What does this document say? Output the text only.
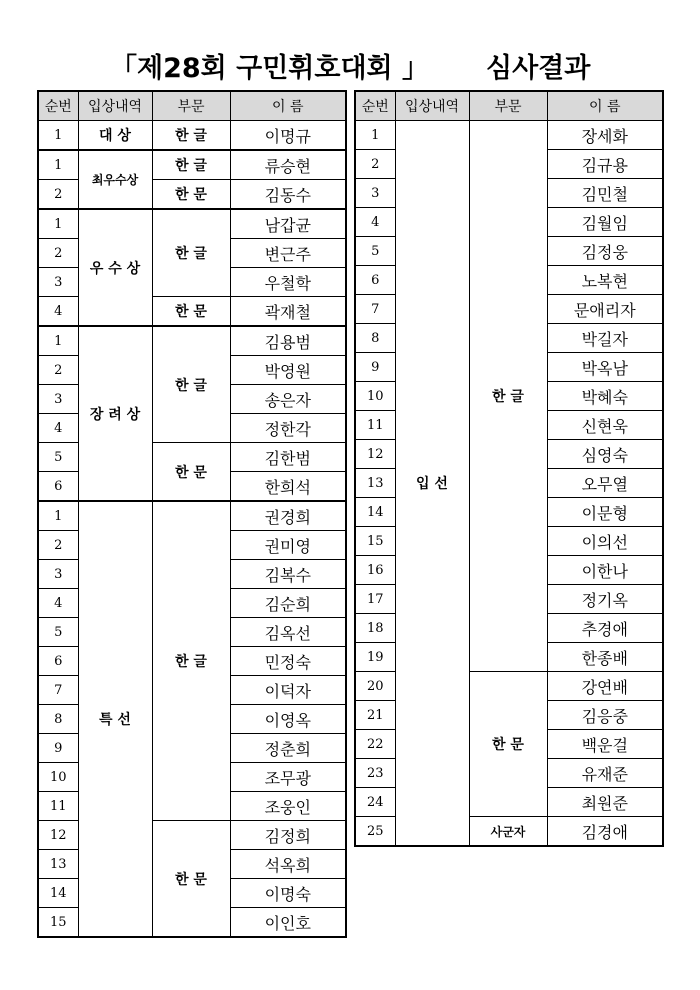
「제28회 구민휘호대회 」 심사결과
순번	입상내역	부문	이 름
1	대 상	한 글	이명규
1	최우수상	한 글	류승현
2		한 문	김동수
1	우 수 상	한 글	남갑균
2			변근주
3			우철학
4		한 문	곽재철
1	장 려 상	한 글	김용범
2			박영원
3			송은자
4			정한각
5		한 문	김한범
6			한희석
1	특 선	한 글	권경희
2			권미영
3			김복수
4			김순희
5			김옥선
6			민정숙
7			이덕자
8			이영옥
9			정춘희
10			조무광
11			조웅인
12		한 문	김정희
13			석옥희
14			이명숙
15			이인호
순번	입상내역	부문	이 름
1	입 선	한 글	장세화
2			김규용
3			김민철
4			김월임
5			김정웅
6			노복현
7			문애리자
8			박길자
9			박옥남
10			박혜숙
11			신현욱
12			심영숙
13			오무열
14			이문형
15			이의선
16			이한나
17			정기옥
18			추경애
19			한종배
20		한 문	강연배
21			김응중
22			백운걸
23			유재준
24			최원준
25		사군자	김경애
